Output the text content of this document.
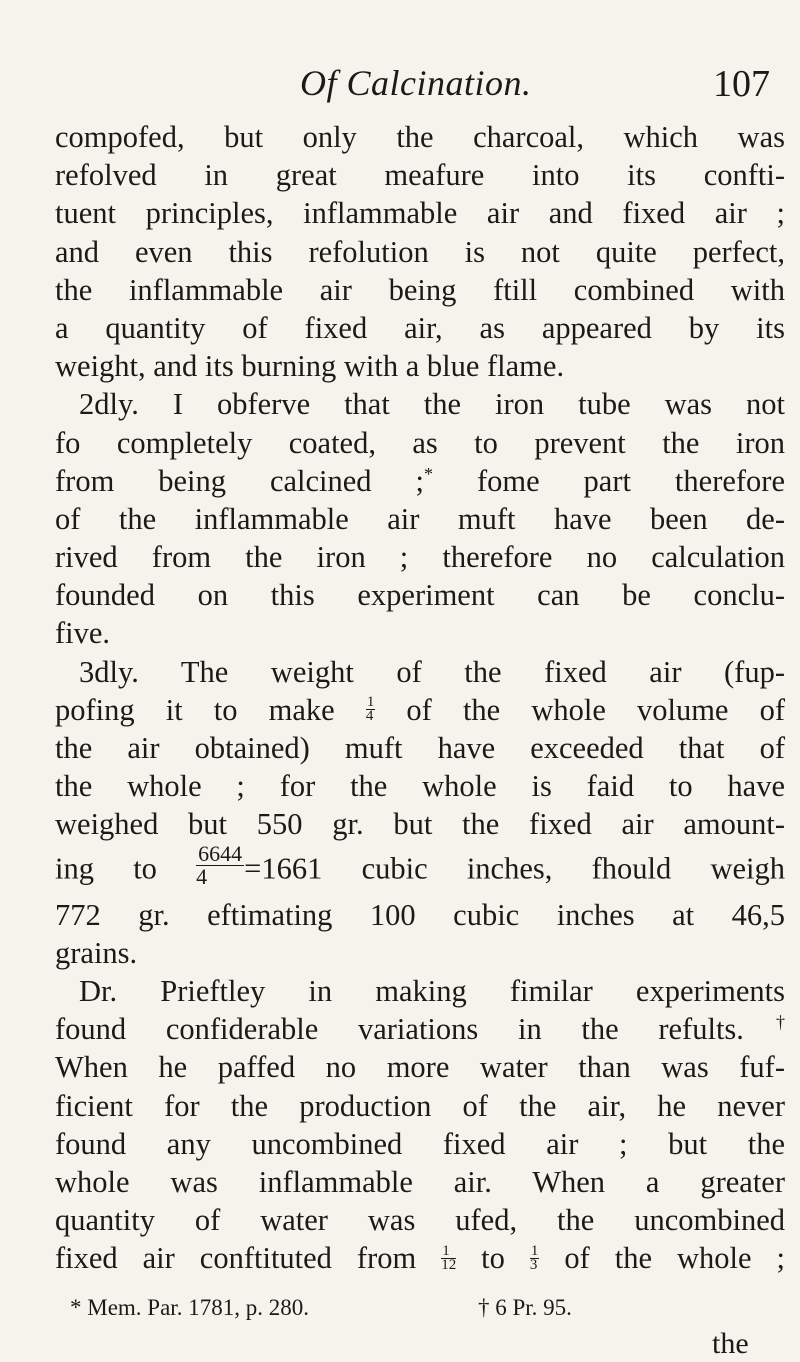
Of Calcination.	107
compofed, but only the charcoal, which was
refolved in great meafure into its confti-
tuent principles, inflammable air and fixed air ;
and even this refolution is not quite perfect,
the inflammable air being ftill combined with
a quantity of fixed air, as appeared by its
weight, and its burning with a blue flame.
2dly. I obferve that the iron tube was not
fo completely coated, as to prevent the iron
from being calcined ;* fome part therefore
of the inflammable air muft have been de-
rived from the iron ; therefore no calculation
founded on this experiment can be conclu-
five.
3dly. The weight of the fixed air (fup-
pofing it to make $\frac{1}{4}$ of the whole volume of
the air obtained) muft have exceeded that of
the whole ; for the whole is faid to have
weighed but 550 gr. but the fixed air amount-
ing to $\frac{6644}{4} =1661$ cubic inches, fhould weigh
772 gr. eftimating 100 cubic inches at 46,5
grains.
Dr. Prieftley in making fimilar experiments
found confiderable variations in the refults.†
When he paffed no more water than was fuf-
ficient for the production of the air, he never
found any uncombined fixed air ; but the
whole was inflammable air. When a greater
quantity of water was ufed, the uncombined
fixed air conftituted from $\frac{1}{12}$ to $\frac{1}{3}$ of the whole ;
* Mem. Par. 1781, p. 280.	† 6 Pr. 95.
the
